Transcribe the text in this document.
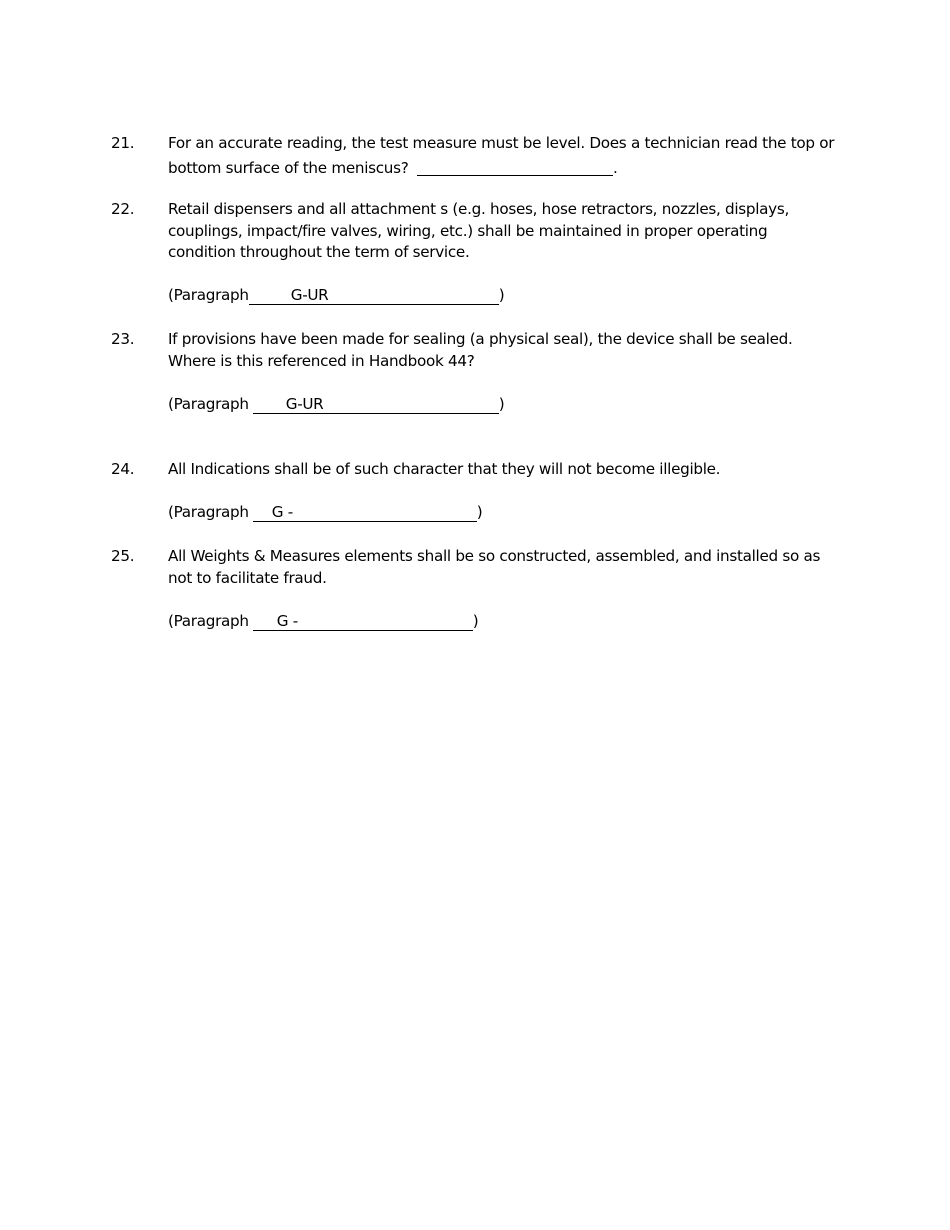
21. For an accurate reading, the test measure must be level. Does a technician read the top or
bottom surface of the meniscus?	.
22. Retail dispensers and all attachment s (e.g. hoses, hose retractors, nozzles, displays, couplings, impact/fire valves, wiring, etc.) shall be maintained in proper operating condition throughout the term of service.
(Paragraph	G-UR	)
23. If provisions have been made for sealing (a physical seal), the device shall be sealed. Where is this referenced in Handbook 44?
(Paragraph G-UR	)
24. All Indications shall be of such character that they will not become illegible.
(Paragraph G -	)
25. All Weights & Measures elements shall be so constructed, assembled, and installed so as not to facilitate fraud.
(Paragraph G -	)
